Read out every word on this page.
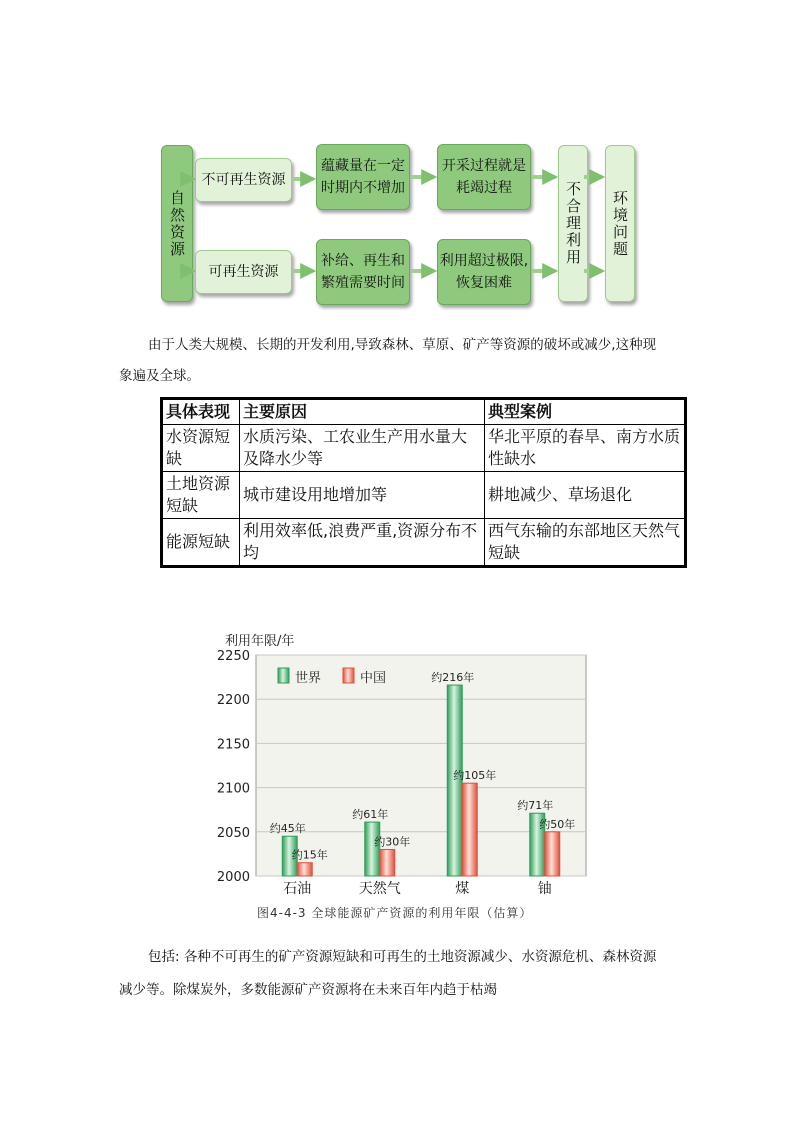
自然资源
不可再生资源
可再生资源
蕴藏量在一定
时期内不增加
补给、再生和
繁殖需要时间
开采过程就是
耗竭过程
利用超过极限,
恢复困难
不合理利用	环境问题
由于人类大规模、长期的开发利用,导致森林、草原、矿产等资源的破坏或减少,这种现
象遍及全球。
具体表现	主要原因	典型案例
水资源短缺	水质污染、工农业生产用水量大及降水少等	华北平原的春旱、南方水质性缺水
土地资源短缺	城市建设用地增加等	耕地减少、草场退化
能源短缺	利用效率低,浪费严重,资源分布不均	西气东输的东部地区天然气短缺
利用年限/年
2250
2200
2150
2100
2050
2000
约45年
约15年
约61年
约30年
约216年
约105年
约71年
约50年
石油	天然气	煤	铀
世界	中国
图4-4-3 全球能源矿产资源的利用年限（估算）
包括: 各种不可再生的矿产资源短缺和可再生的土地资源减少、水资源危机、森林资源
减少等。除煤炭外，多数能源矿产资源将在未来百年内趋于枯竭
